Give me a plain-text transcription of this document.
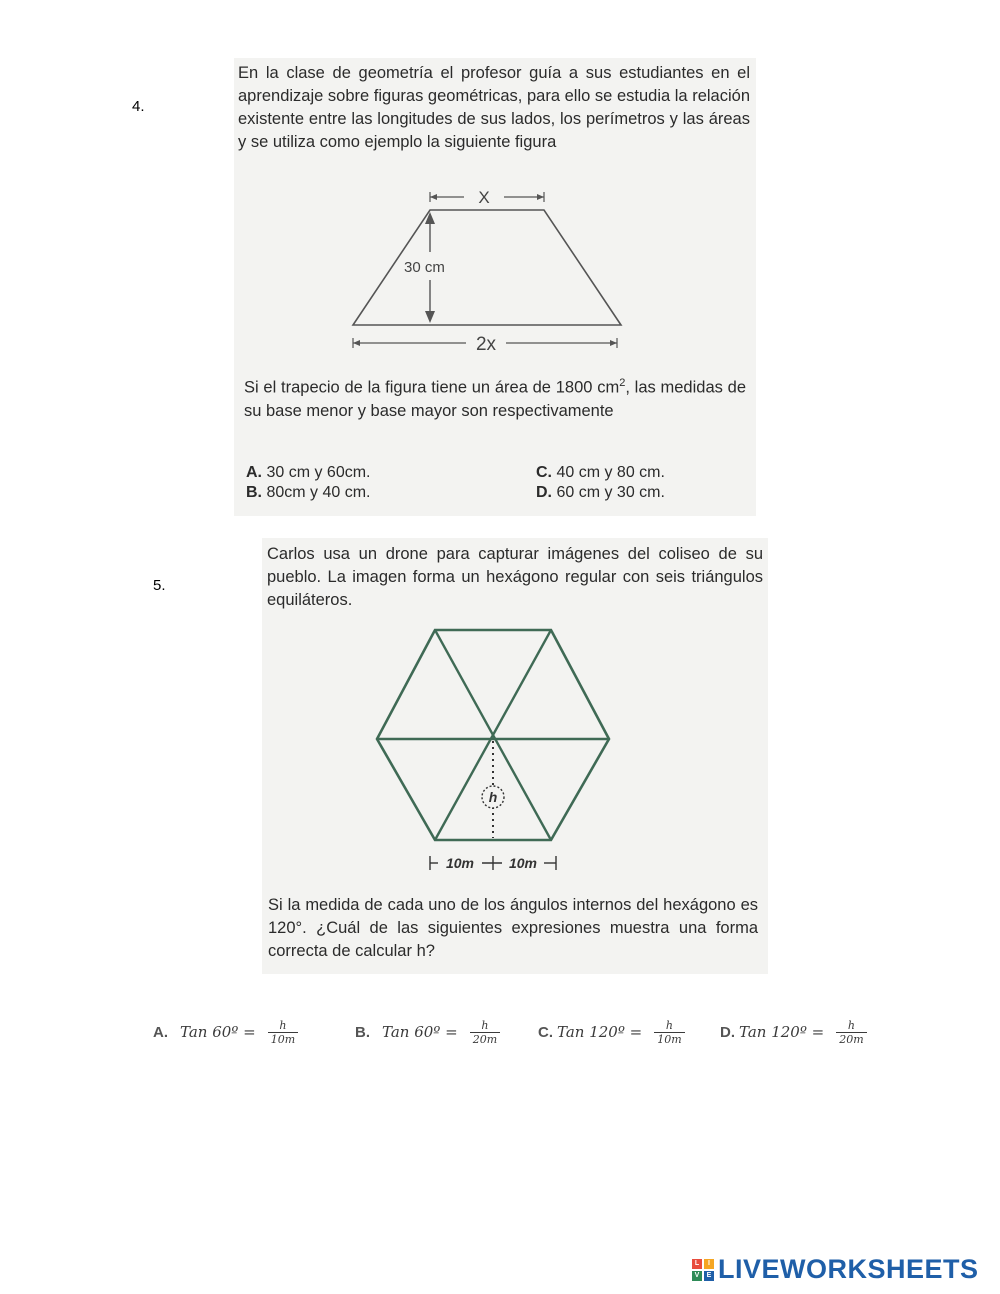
4.

En la clase de geometría el profesor guía a sus estudiantes en el aprendizaje sobre figuras geométricas, para ello se estudia la relación existente entre las longitudes de sus lados, los perímetros y las áreas y se utiliza como ejemplo la siguiente figura

X
30 cm
2x

Si el trapecio de la figura tiene un área de 1800 $cm^2$, las medidas de su base menor y base mayor son respectivamente

A. 30 cm y 60cm.	C. 40 cm y 80 cm.
B. 80cm y 40 cm.	D. 60 cm y 30 cm.
5.

Carlos usa un drone para capturar imágenes del coliseo de su pueblo. La imagen forma un hexágono regular con seis triángulos equiláteros.

h
10m 10m

Si la medida de cada uno de los ángulos internos del hexágono es 120°. ¿Cuál de las siguientes expresiones muestra una forma correcta de calcular h?

A. Tan 60º = $\frac{h}{10m}$	B. Tan 60º = $\frac{h}{20m}$	C. Tan 120º = $\frac{h}{10m} D$. Tan 120º = $\frac{h}{20m}$
L	I
V	E LIVEWORKSHEETS
